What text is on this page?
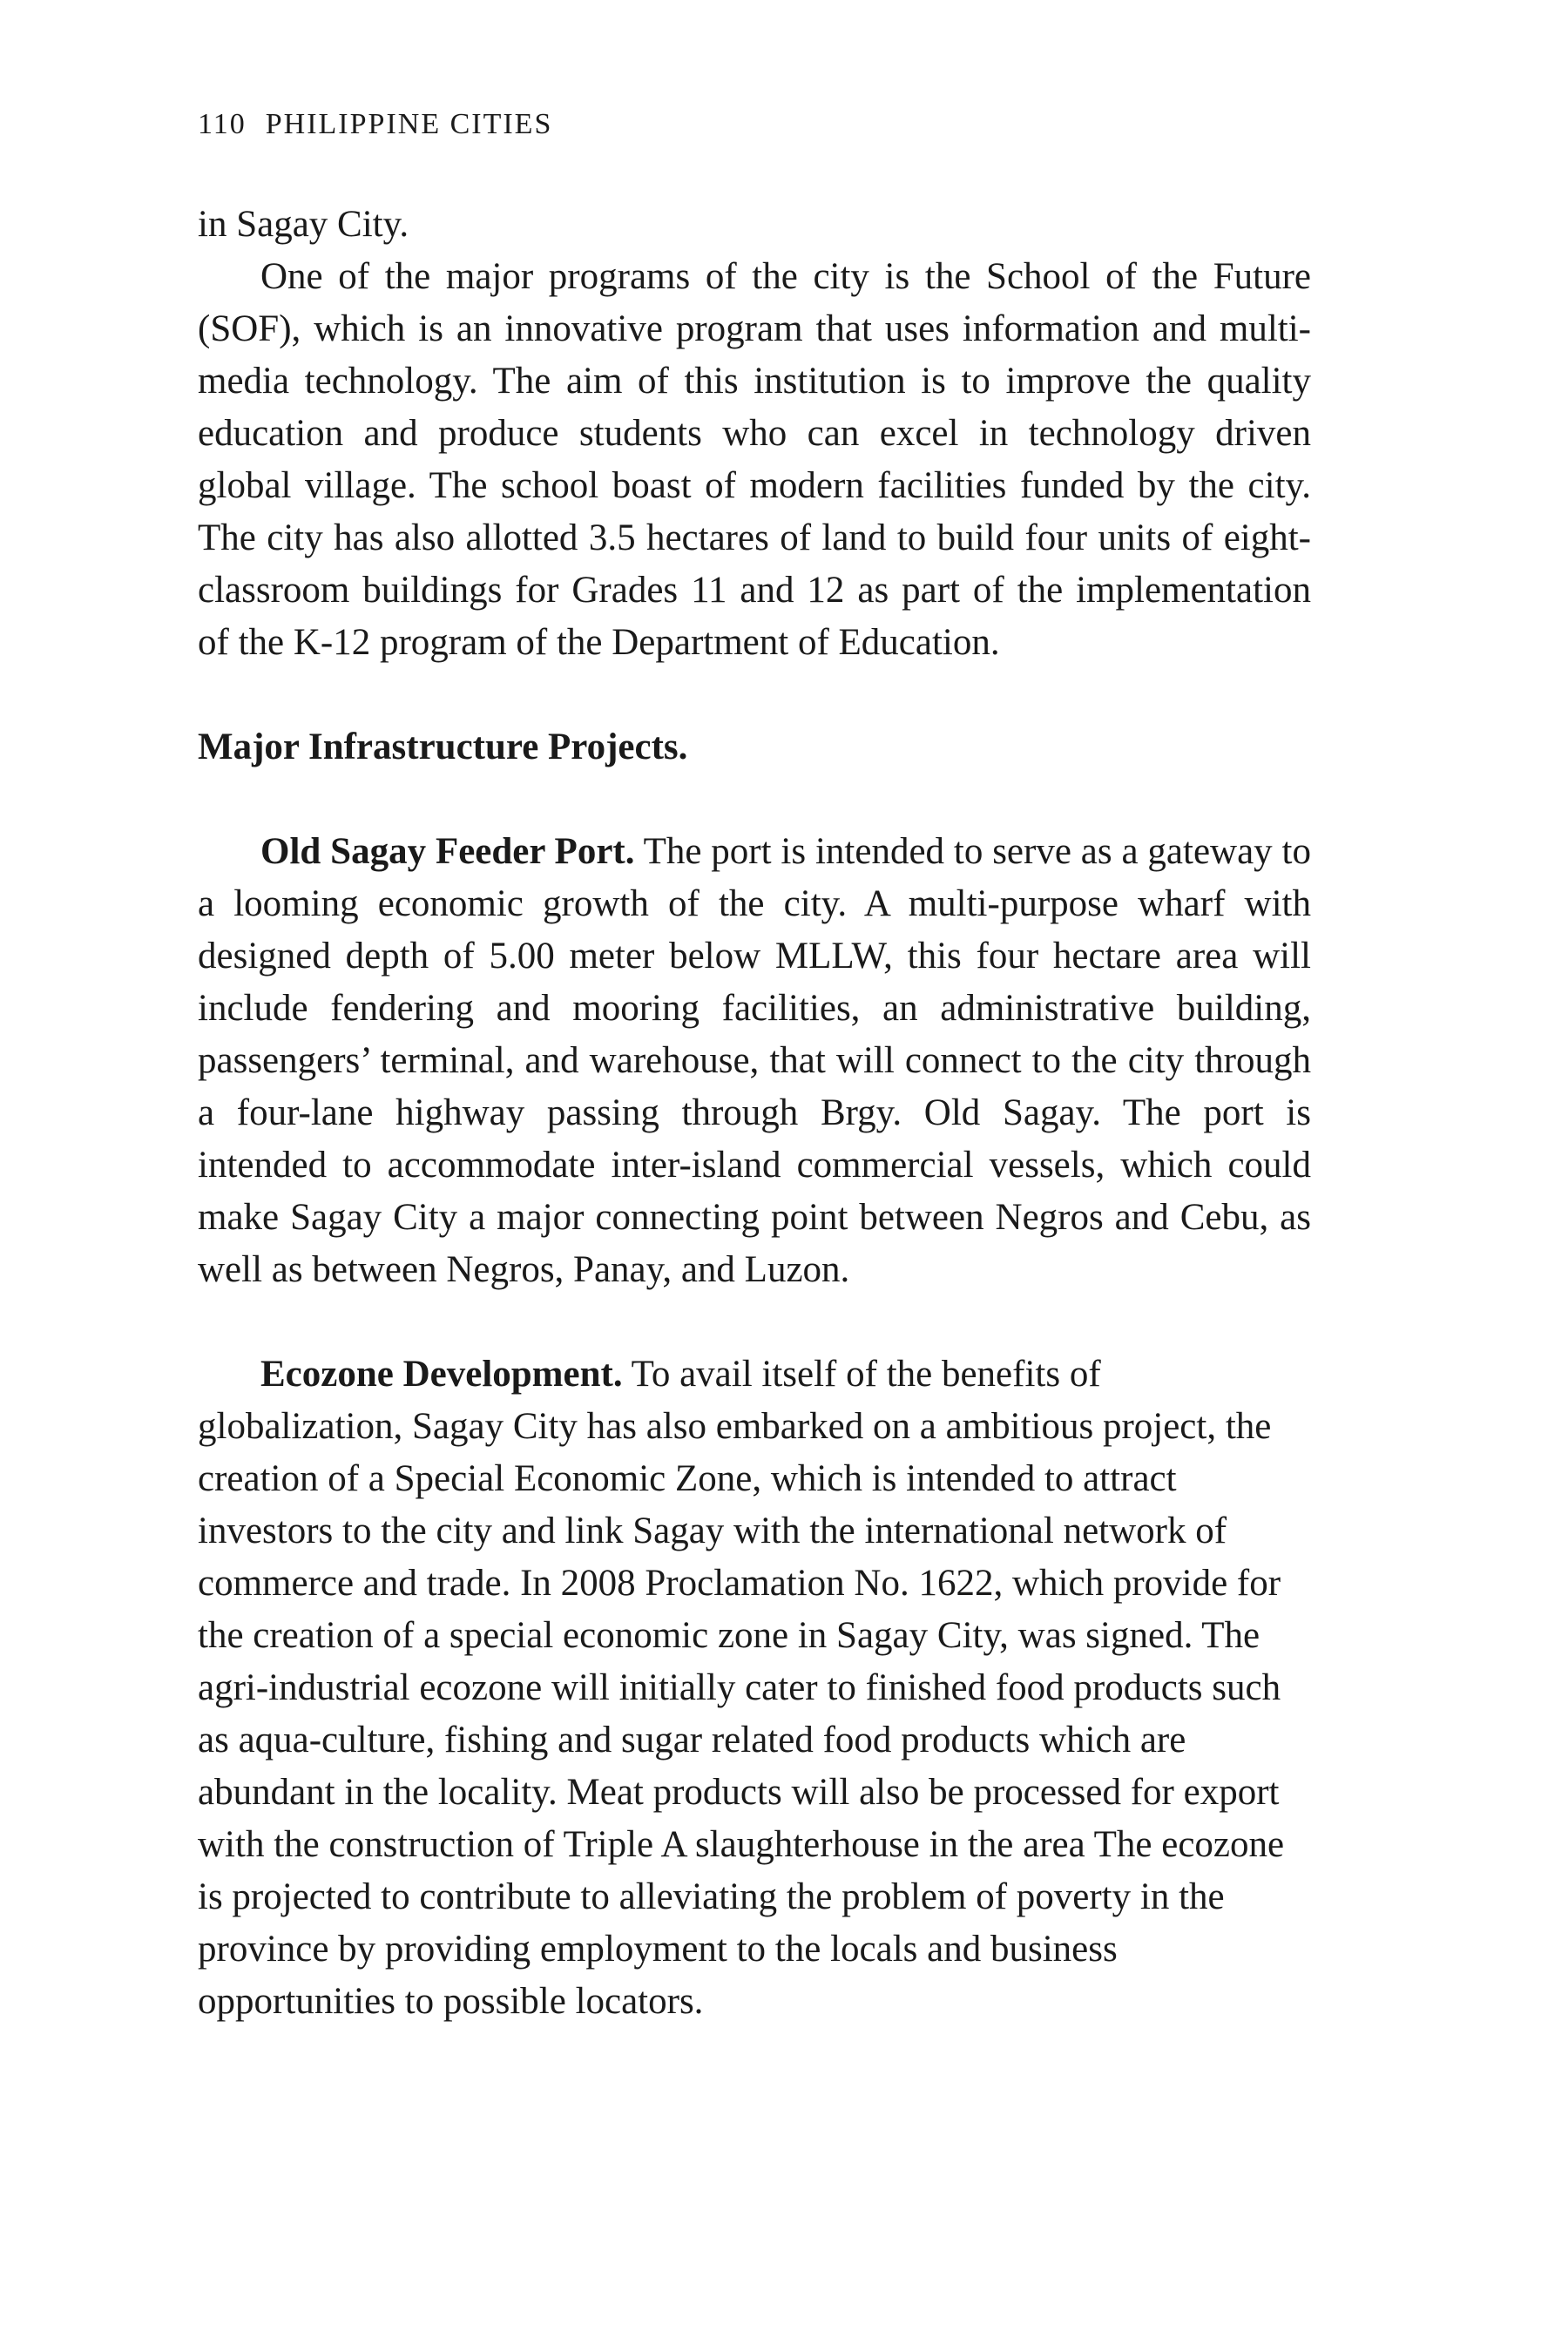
110 PHILIPPINE CITIES

in Sagay City.

One of the major programs of the city is the School of the Future (SOF), which is an innovative program that uses information and multi-media technology. The aim of this institution is to improve the quality education and produce students who can excel in technology driven global village. The school boast of modern facilities funded by the city. The city has also allotted 3.5 hectares of land to build four units of eight-classroom buildings for Grades 11 and 12 as part of the implementation of the K-12 program of the Department of Education.

Major Infrastructure Projects.

Old Sagay Feeder Port. The port is intended to serve as a gateway to a looming economic growth of the city. A multi-purpose wharf with designed depth of 5.00 meter below MLLW, this four hectare area will include fendering and mooring facilities, an administrative building, passengers’ terminal, and warehouse, that will connect to the city through a four-lane highway passing through Brgy. Old Sagay. The port is intended to accommodate inter-island commercial vessels, which could make Sagay City a major connecting point between Negros and Cebu, as well as between Negros, Panay, and Luzon.

Ecozone Development. To avail itself of the benefits of globalization, Sagay City has also embarked on a ambitious project, the creation of a Special Economic Zone, which is intended to attract investors to the city and link Sagay with the international network of commerce and trade. In 2008 Proclamation No. 1622, which provide for the creation of a special economic zone in Sagay City, was signed. The agri-industrial ecozone will initially cater to finished food products such as aqua-culture, fishing and sugar related food products which are abundant in the locality. Meat products will also be processed for export with the construction of Triple A slaughterhouse in the area The ecozone is projected to contribute to alleviating the problem of poverty in the province by providing employment to the locals and business opportunities to possible locators.
